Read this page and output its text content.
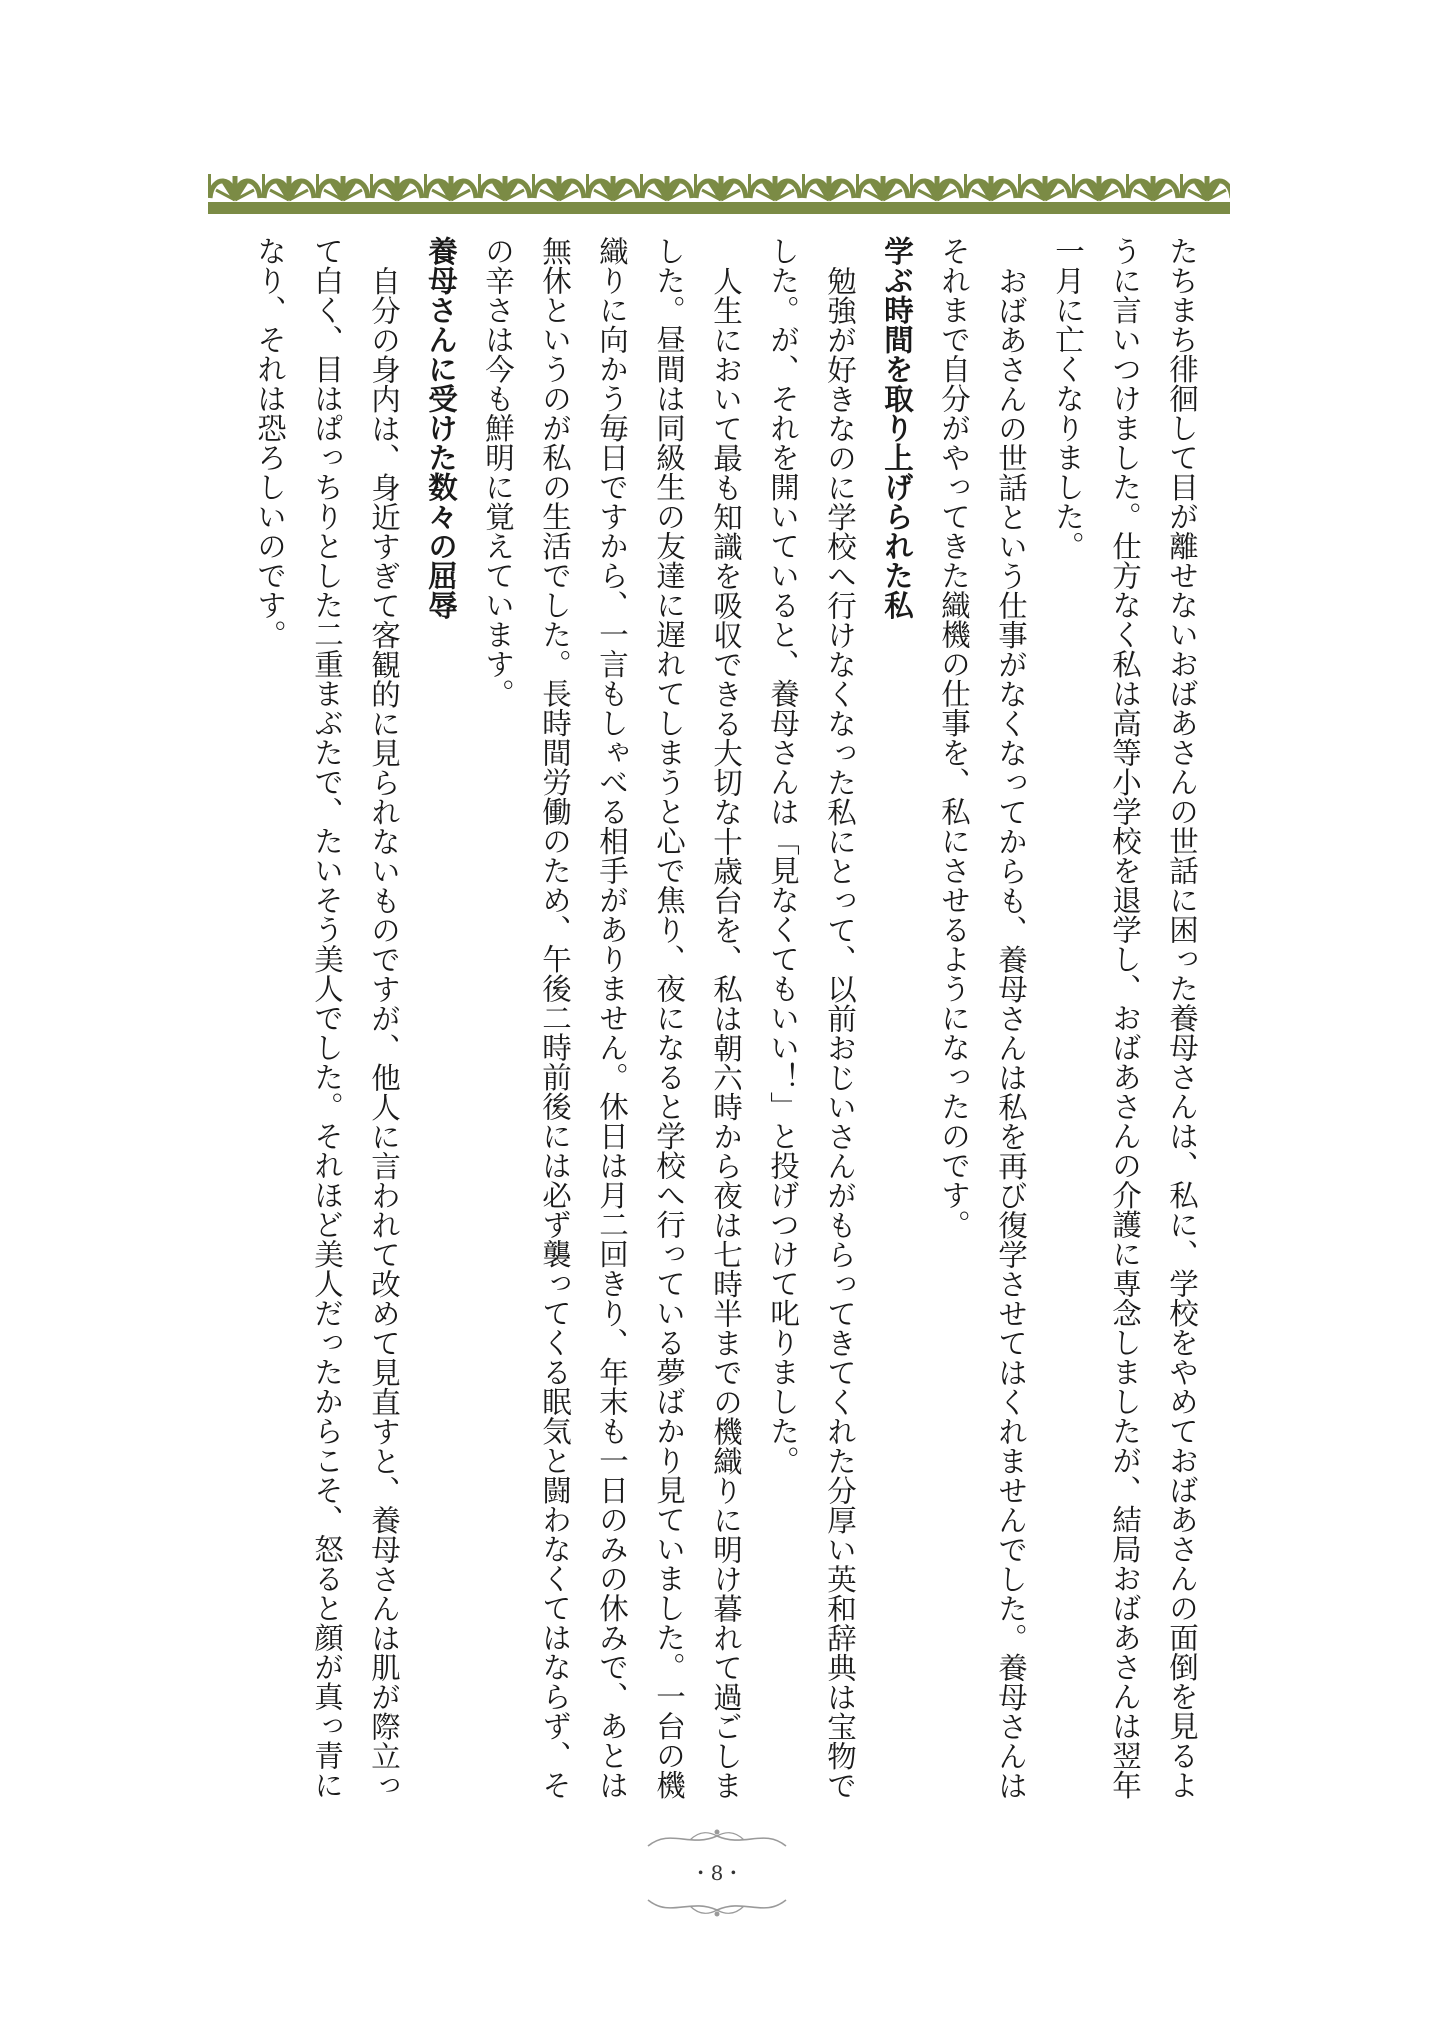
たちまち徘徊して目が離せないおばあさんの世話に困った養母さんは、私に、学校をやめておばあさんの面倒を見るように言いつけました。仕方なく私は高等小学校を退学し、おばあさんの介護に専念しましたが、結局おばあさんは翌年一月に亡くなりました。

おばあさんの世話という仕事がなくなってからも、養母さんは私を再び復学させてはくれませんでした。養母さんはそれまで自分がやってきた織機の仕事を、私にさせるようになったのです。

学ぶ時間を取り上げられた私

勉強が好きなのに学校へ行けなくなった私にとって、以前おじいさんがもらってきてくれた分厚い英和辞典は宝物でした。が、それを開いていると、養母さんは「見なくてもいい！」と投げつけて叱りました。

人生において最も知識を吸収できる大切な十歳台を、私は朝六時から夜は七時半までの機織りに明け暮れて過ごしました。昼間は同級生の友達に遅れてしまうと心で焦り、夜になると学校へ行っている夢ばかり見ていました。一台の機織りに向かう毎日ですから、一言もしゃべる相手がありません。休日は月二回きり、年末も一日のみの休みで、あとは無休というのが私の生活でした。長時間労働のため、午後二時前後には必ず襲ってくる眠気と闘わなくてはならず、その辛さは今も鮮明に覚えています。

養母さんに受けた数々の屈辱

自分の身内は、身近すぎて客観的に見られないものですが、他人に言われて改めて見直すと、養母さんは肌が際立って白く、目はぱっちりとした二重まぶたで、たいそう美人でした。それほど美人だったからこそ、怒ると顔が真っ青になり、それは恐ろしいのです。

・8・
